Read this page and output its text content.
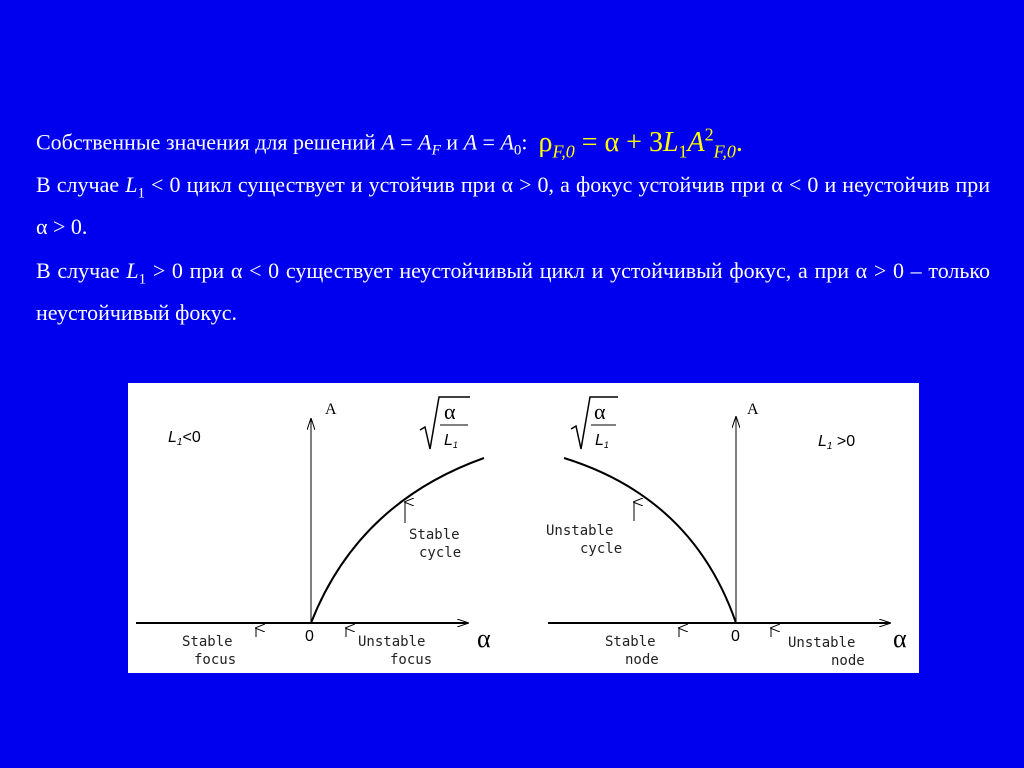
Собственные значения для решений $A = A_F$ и $A = A_0$: $\rho_{F,0} = \alpha + 3L_1A^2_{F,0}$.
В случае $L_1 < 0$ цикл существует и устойчив при α > 0, а фокус устойчив при α < 0 и неустойчив при α > 0.
В случае $L_1 > 0$ при α < 0 существует неустойчивый цикл и устойчивый фокус, а при α > 0 – только неустойчивый фокус.
A
L1<0
0	α
α
L1
Stable
cycle
Stable
focus
Unstable
focus
A
L1 >0
0	α
α
L1
Unstable
cycle
Stable
node
Unstable
node
